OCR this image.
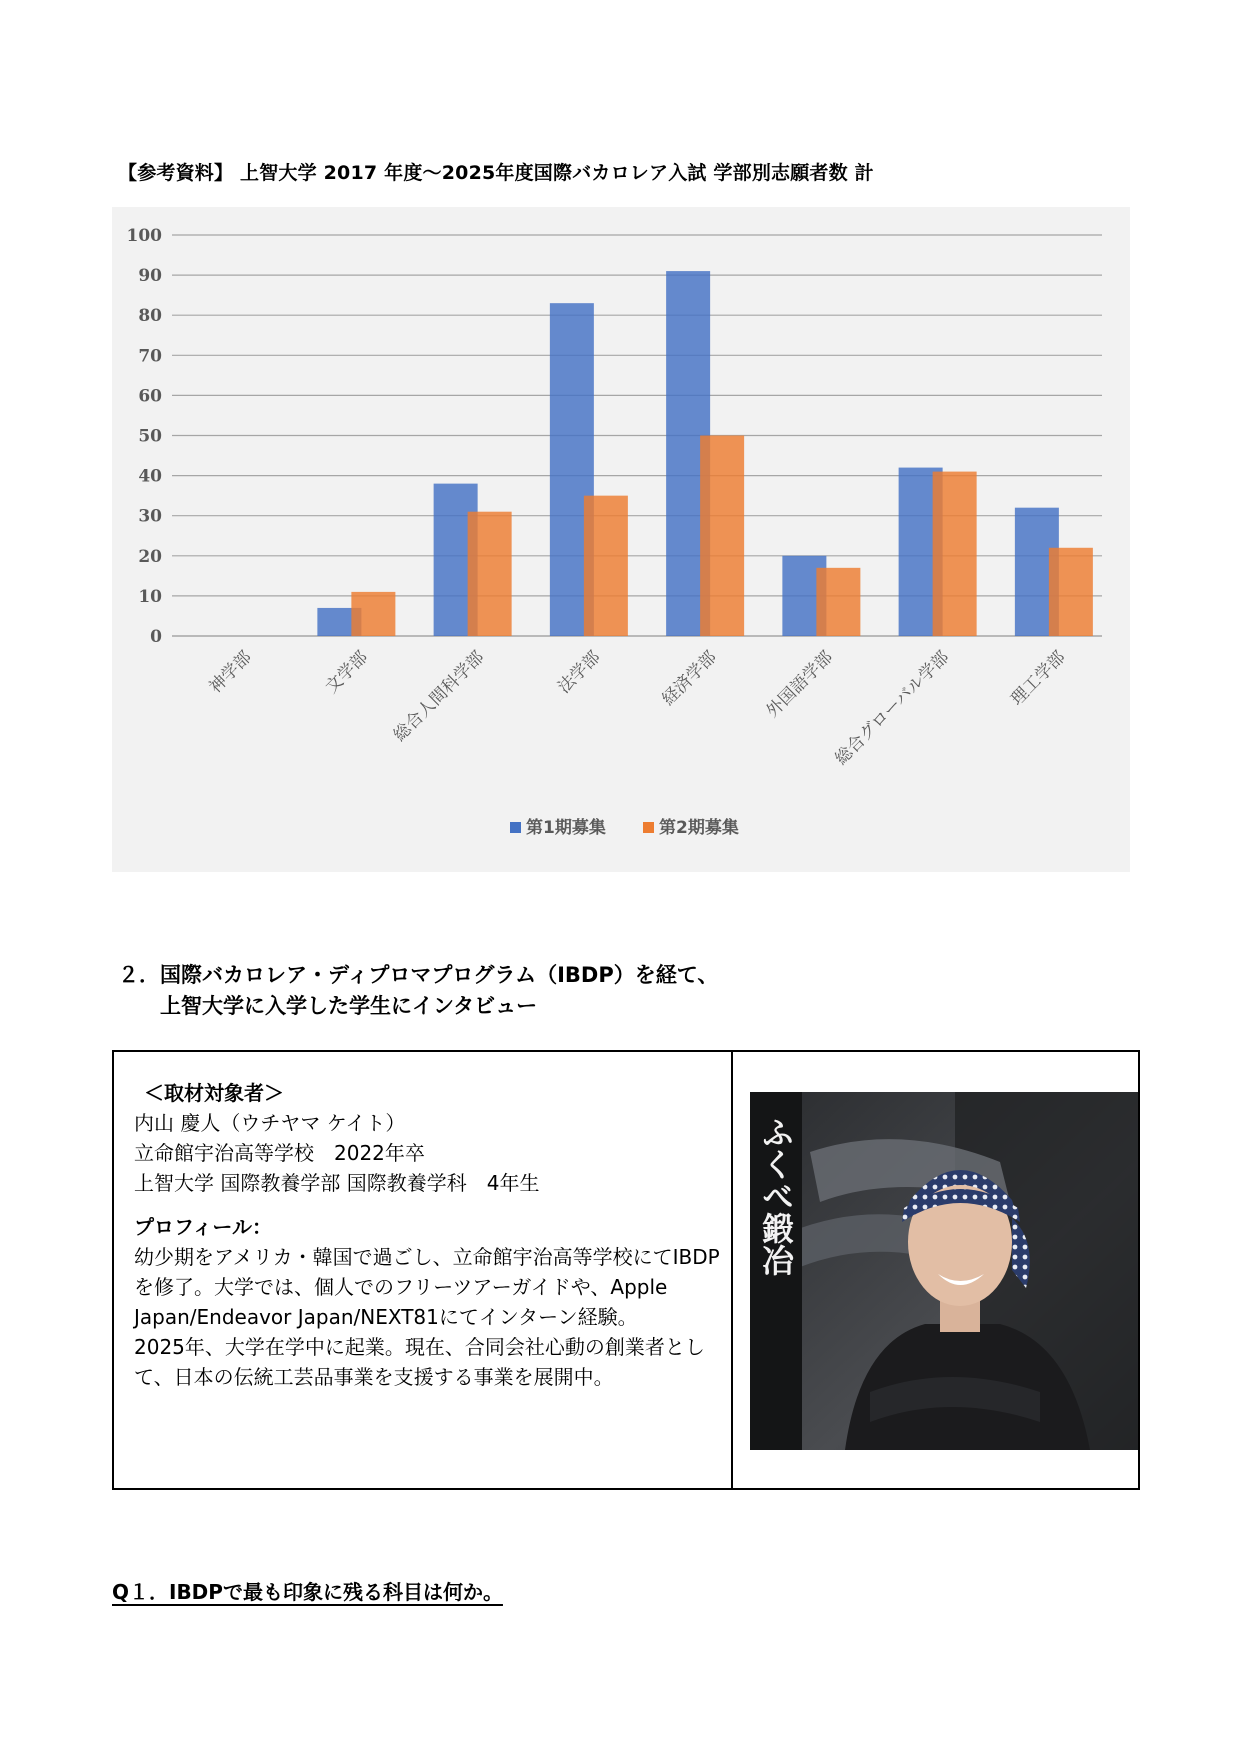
【参考資料】 上智大学 2017 年度～2025年度国際バカロレア入試 学部別志願者数 計
0
10
20
30
40
50
60
70
80
90
100
神学部	文学部 総合人間科学部	法学部	経済学部 外国語学部
総合グローバル学部	理工学部
第1期募集	第2期募集
２．国際バカロレア・ディプロマプログラム（IBDP）を経て、
上智大学に入学した学生にインタビュー

＜取材対象者＞

内山 慶人（ウチヤマ ケイト）

立命館宇治高等学校　2022年卒

上智大学 国際教養学部 国際教養学科　4年生

プロフィール：

幼少期をアメリカ・韓国で過ごし、立命館宇治高等学校にてIBDPを修了。大学では、個人でのフリーツアーガイドや、Apple Japan/Endeavor Japan/NEXT81にてインターン経験。

2025年、大学在学中に起業。現在、合同会社心動の創業者として、日本の伝統工芸品事業を支援する事業を展開中。

ふくべ鍛冶
Q１．IBDPで最も印象に残る科目は何か。
